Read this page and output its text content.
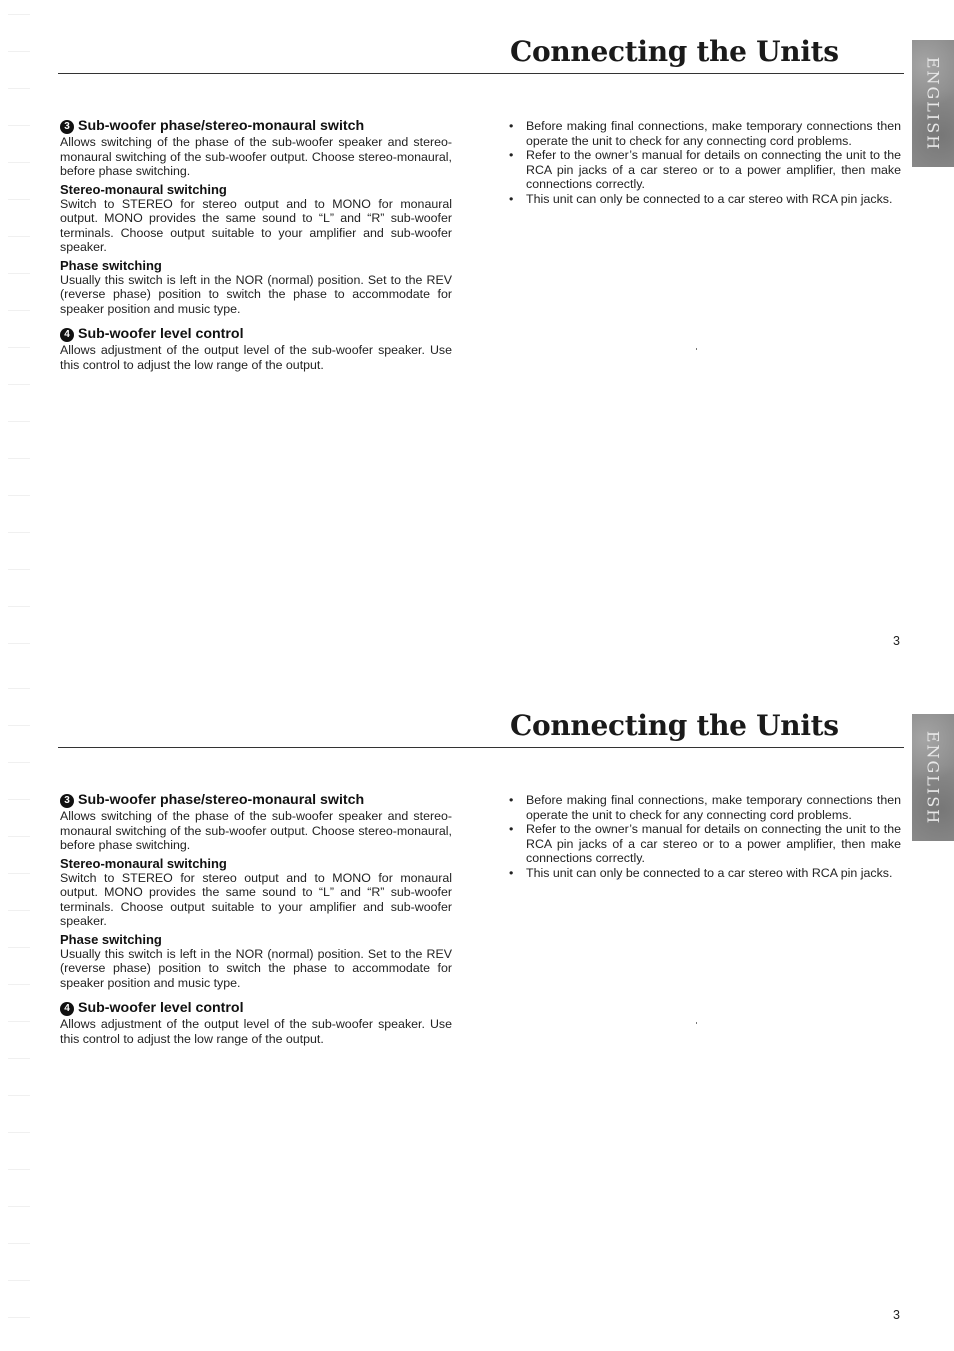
Connecting the Units
ENGLISH
3 Sub-woofer phase/stereo-monaural switch

Allows switching of the phase of the sub-woofer speaker and stereo-monaural switching of the sub-woofer output. Choose stereo-monaural, before phase switching.

Stereo-monaural switching

Switch to STEREO for stereo output and to MONO for monaural output. MONO provides the same sound to “L” and “R” sub-woofer terminals. Choose output suitable to your amplifier and sub-woofer speaker.

Phase switching

Usually this switch is left in the NOR (normal) position. Set to the REV (reverse phase) position to switch the phase to accommodate for speaker position and music type.

4 Sub-woofer level control

Allows adjustment of the output level of the sub-woofer speaker. Use this control to adjust the low range of the output.

• Before making final connections, make temporary connections then operate the unit to check for any connecting cord problems.
• Refer to the owner’s manual for details on connecting the unit to the RCA pin jacks of a car stereo or to a power amplifier, then make connections correctly.
• This unit can only be connected to a car stereo with RCA pin jacks.
3
Connecting the Units
ENGLISH
3 Sub-woofer phase/stereo-monaural switch

Allows switching of the phase of the sub-woofer speaker and stereo-monaural switching of the sub-woofer output. Choose stereo-monaural, before phase switching.

Stereo-monaural switching

Switch to STEREO for stereo output and to MONO for monaural output. MONO provides the same sound to “L” and “R” sub-woofer terminals. Choose output suitable to your amplifier and sub-woofer speaker.

Phase switching

Usually this switch is left in the NOR (normal) position. Set to the REV (reverse phase) position to switch the phase to accommodate for speaker position and music type.

4 Sub-woofer level control

Allows adjustment of the output level of the sub-woofer speaker. Use this control to adjust the low range of the output.

• Before making final connections, make temporary connections then operate the unit to check for any connecting cord problems.
• Refer to the owner’s manual for details on connecting the unit to the RCA pin jacks of a car stereo or to a power amplifier, then make connections correctly.
• This unit can only be connected to a car stereo with RCA pin jacks.
3
